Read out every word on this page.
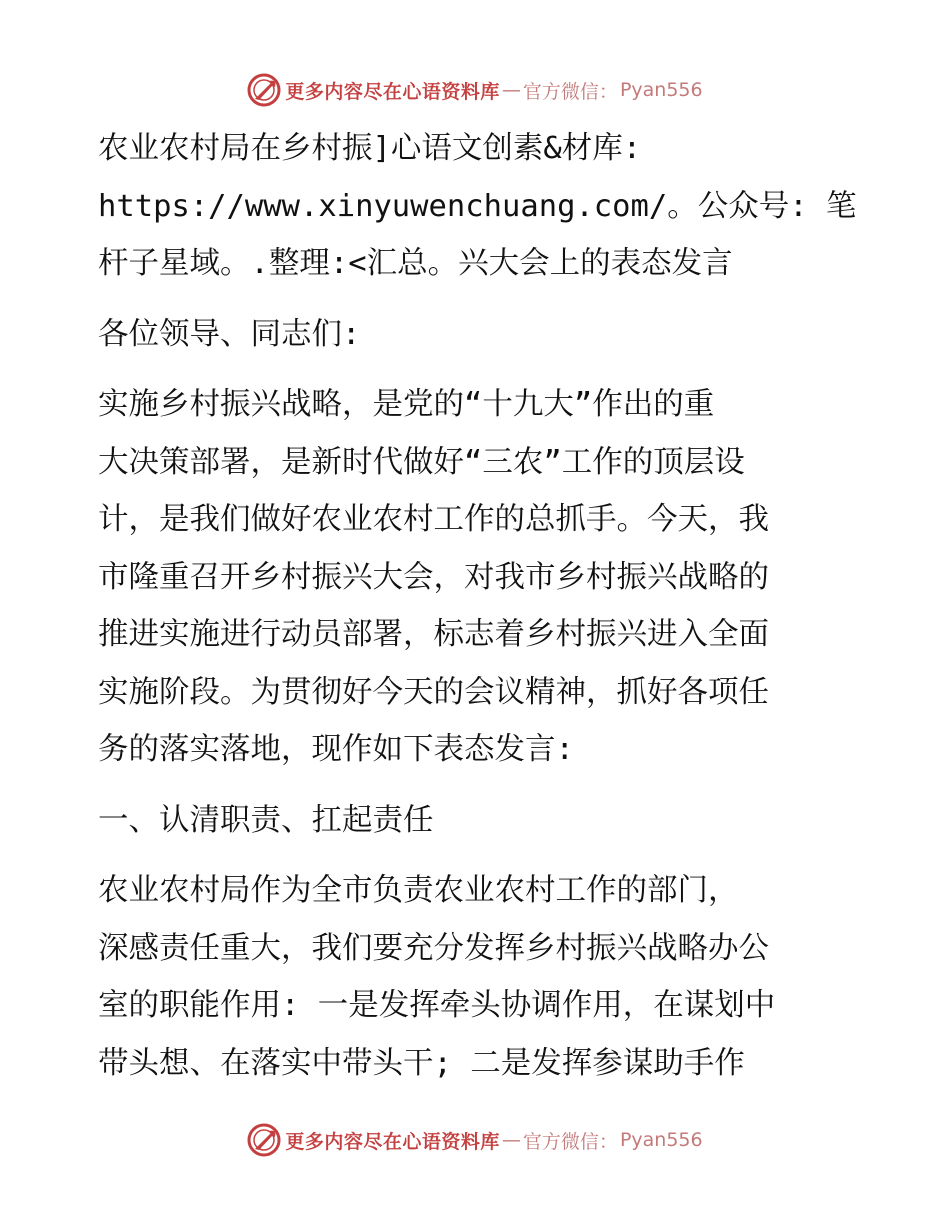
更多内容尽在心语资料库 — 官方微信： Pyan556

农业农村局在乡村振]心语文创素&材库:

https://www.xinyuwenchuang.com/。公众号: 笔

杆子星域。.整理:<汇总。兴大会上的表态发言

各位领导、同志们:

实施乡村振兴战略，是党的“十九大”作出的重

大决策部署，是新时代做好“三农”工作的顶层设

计，是我们做好农业农村工作的总抓手。今天，我

市隆重召开乡村振兴大会，对我市乡村振兴战略的

推进实施进行动员部署，标志着乡村振兴进入全面

实施阶段。为贯彻好今天的会议精神，抓好各项任

务的落实落地，现作如下表态发言:

一、认清职责、扛起责任

农业农村局作为全市负责农业农村工作的部门，

深感责任重大，我们要充分发挥乡村振兴战略办公

室的职能作用: 一是发挥牵头协调作用，在谋划中

带头想、在落实中带头干; 二是发挥参谋助手作

更多内容尽在心语资料库 — 官方微信： Pyan556
